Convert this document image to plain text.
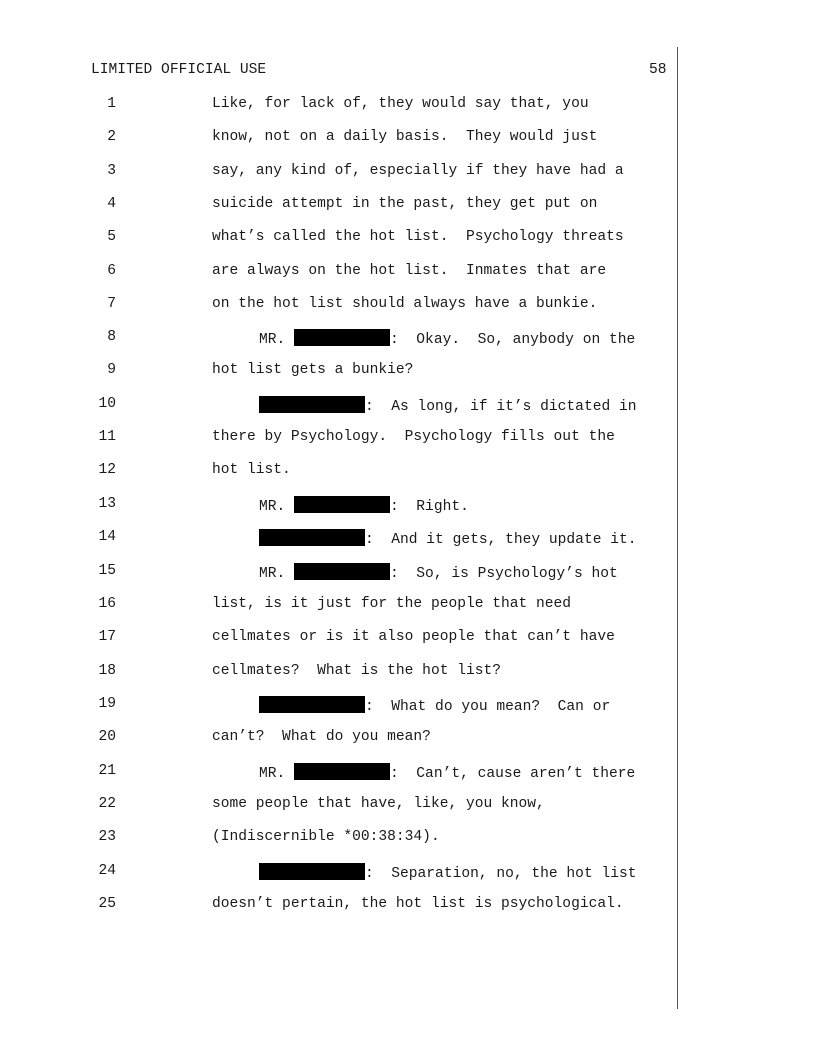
LIMITED OFFICIAL USE	58
1	Like, for lack of, they would say that, you
2	know, not on a daily basis.  They would just
3	say, any kind of, especially if they have had a
4	suicide attempt in the past, they get put on
5	what’s called the hot list.  Psychology threats
6	are always on the hot list.  Inmates that are
7	on the hot list should always have a bunkie.
8	MR.	:  Okay.  So, anybody on the
9	hot list gets a bunkie?
10	:  As long, if it’s dictated in
11	there by Psychology.  Psychology fills out the
12	hot list.
13	MR.	:  Right.
14	:  And it gets, they update it.
15	MR.	:  So, is Psychology’s hot
16	list, is it just for the people that need
17	cellmates or is it also people that can’t have
18	cellmates?  What is the hot list?
19	:  What do you mean?  Can or
20	can’t?  What do you mean?
21	MR.	:  Can’t, cause aren’t there
22	some people that have, like, you know,
23	(Indiscernible *00:38:34).
24	:  Separation, no, the hot list
25	doesn’t pertain, the hot list is psychological.
